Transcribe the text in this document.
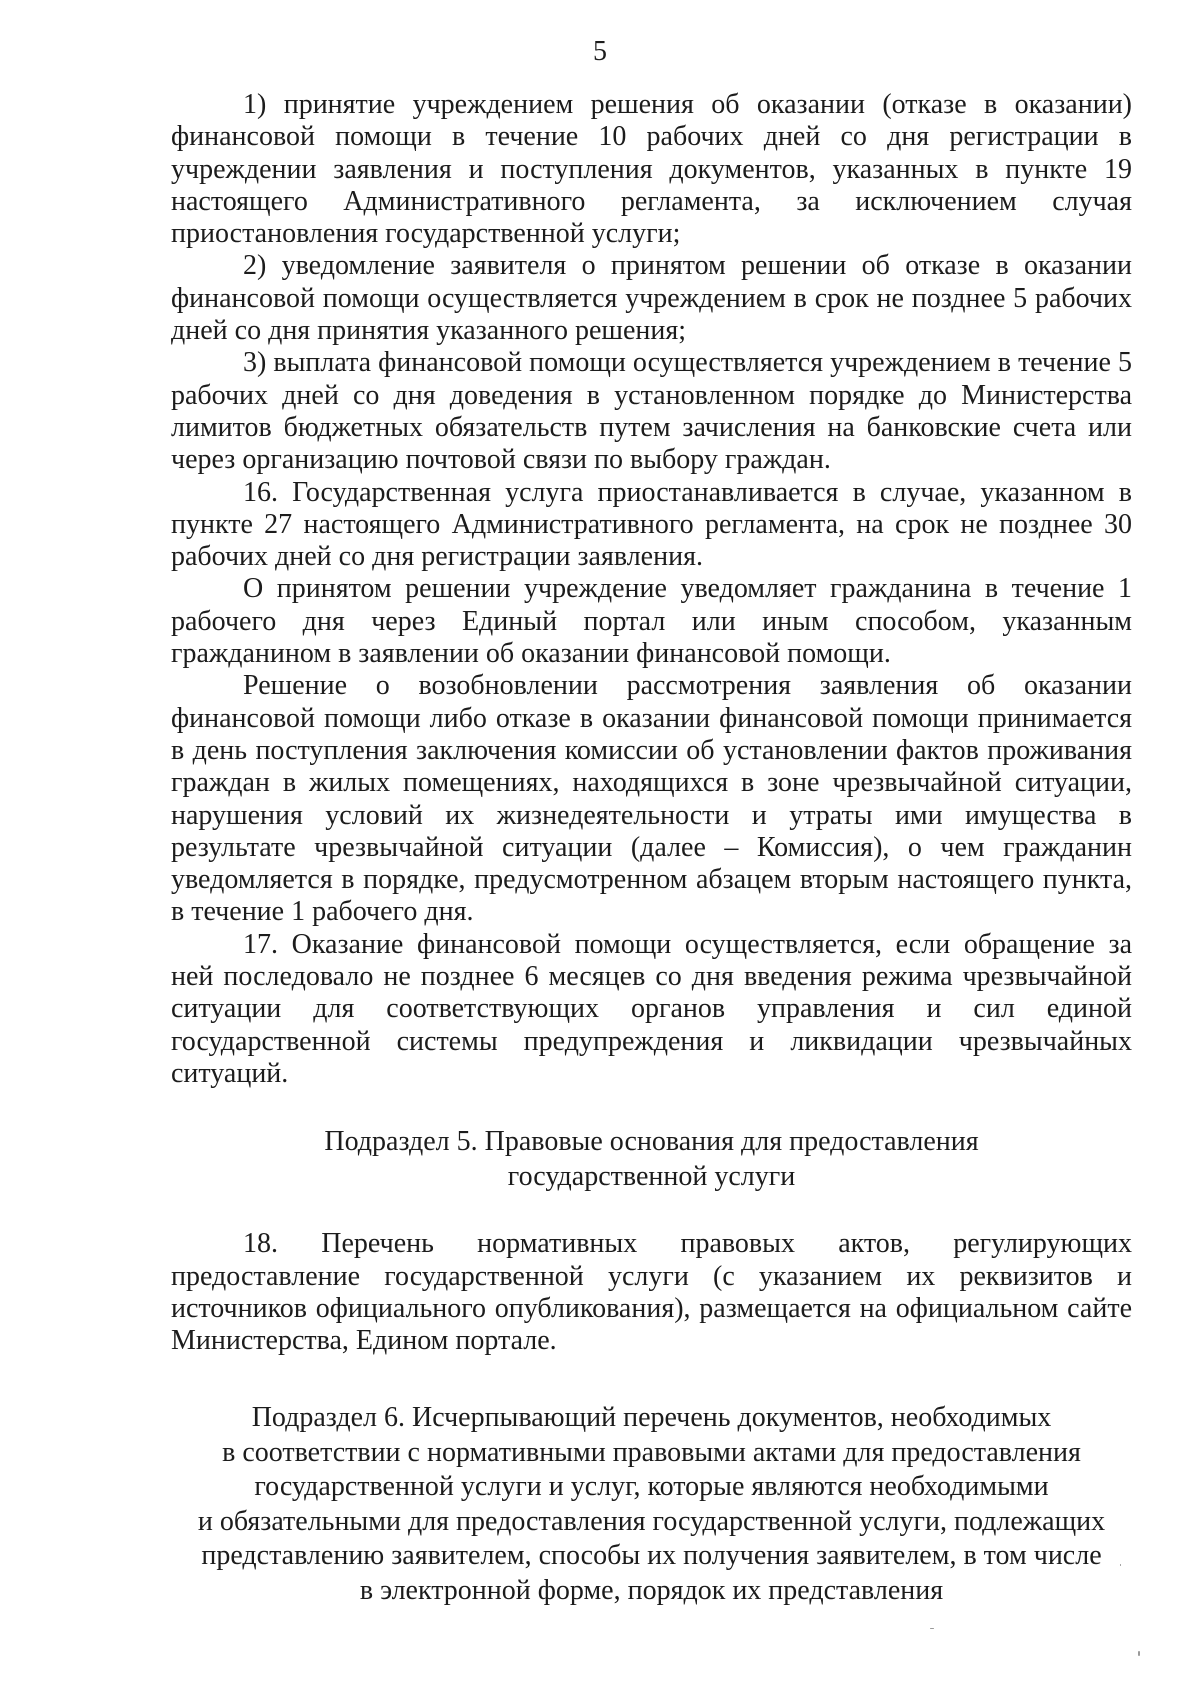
5

1) принятие учреждением решения об оказании (отказе в оказании) финансовой помощи в течение 10 рабочих дней со дня регистрации в учреждении заявления и поступления документов, указанных в пункте 19 настоящего Административного регламента, за исключением случая приостановления государственной услуги;

2) уведомление заявителя о принятом решении об отказе в оказании финансовой помощи осуществляется учреждением в срок не позднее 5 рабочих дней со дня принятия указанного решения;

3) выплата финансовой помощи осуществляется учреждением в течение 5 рабочих дней со дня доведения в установленном порядке до Министерства лимитов бюджетных обязательств путем зачисления на банковские счета или через организацию почтовой связи по выбору граждан.

16. Государственная услуга приостанавливается в случае, указанном в пункте 27 настоящего Административного регламента, на срок не позднее 30 рабочих дней со дня регистрации заявления.

О принятом решении учреждение уведомляет гражданина в течение 1 рабочего дня через Единый портал или иным способом, указанным гражданином в заявлении об оказании финансовой помощи.

Решение о возобновлении рассмотрения заявления об оказании финансовой помощи либо отказе в оказании финансовой помощи принимается в день поступления заключения комиссии об установлении фактов проживания граждан в жилых помещениях, находящихся в зоне чрезвычайной ситуации, нарушения условий их жизнедеятельности и утраты ими имущества в результате чрезвычайной ситуации (далее – Комиссия), о чем гражданин уведомляется в порядке, предусмотренном абзацем вторым настоящего пункта, в течение 1 рабочего дня.

17. Оказание финансовой помощи осуществляется, если обращение за ней последовало не позднее 6 месяцев со дня введения режима чрезвычайной ситуации для соответствующих органов управления и сил единой государственной системы предупреждения и ликвидации чрезвычайных ситуаций.

Подраздел 5. Правовые основания для предоставления
государственной услуги

18. Перечень нормативных правовых актов, регулирующих предоставление государственной услуги (с указанием их реквизитов и источников официального опубликования), размещается на официальном сайте Министерства, Едином портале.

Подраздел 6. Исчерпывающий перечень документов, необходимых
в соответствии с нормативными правовыми актами для предоставления
государственной услуги и услуг, которые являются необходимыми
и обязательными для предоставления государственной услуги, подлежащих
представлению заявителем, способы их получения заявителем, в том числе
в электронной форме, порядок их представления
